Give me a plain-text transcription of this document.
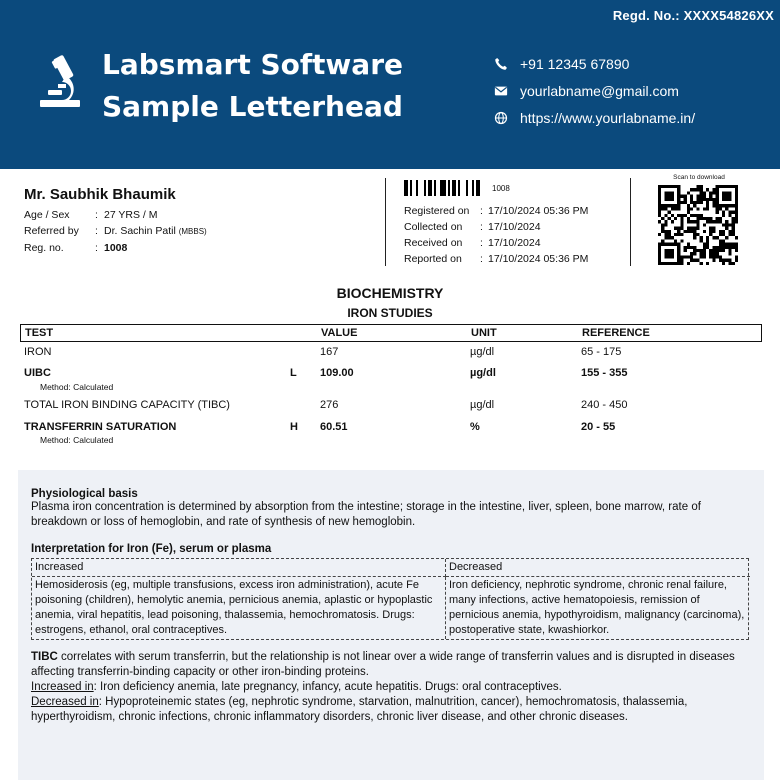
Regd. No.: XXXX54826XX
Labsmart Software
Sample Letterhead
+91 12345 67890
yourlabname@gmail.com
https://www.yourlabname.in/
Mr. Saubhik Bhaumik
Age / Sex	: 27 YRS / M
Referred by	: Dr. Sachin Patil (MBBS)
Reg. no.	: 1008
1008
Registered on	: 17/10/2024 05:36 PM
Collected on	: 17/10/2024
Received on	: 17/10/2024
Reported on	: 17/10/2024 05:36 PM
Scan to download
BIOCHEMISTRY
IRON STUDIES
TEST	VALUE	UNIT	REFERENCE
IRON	167	µg/dl	65 - 175
UIBC	L 109.00	µg/dl	155 - 355
Method: Calculated
TOTAL IRON BINDING CAPACITY (TIBC)	276	µg/dl	240 - 450
TRANSFERRIN SATURATION	H 60.51	%	20 - 55
Method: Calculated
Physiological basis
Plasma iron concentration is determined by absorption from the intestine; storage in the intestine, liver, spleen, bone marrow, rate of breakdown or loss of hemoglobin, and rate of synthesis of new hemoglobin.
Interpretation for Iron (Fe), serum or plasma
Increased	Decreased
Hemosiderosis (eg, multiple transfusions, excess iron administration), acute Fe poisoning (children), hemolytic anemia, pernicious anemia, aplastic or hypoplastic anemia, viral hepatitis, lead poisoning, thalassemia, hemochromatosis. Drugs: estrogens, ethanol, oral contraceptives.
Iron deficiency, nephrotic syndrome, chronic renal failure, many infections, active hematopoiesis, remission of pernicious anemia, hypothyroidism, malignancy (carcinoma), postoperative state, kwashiorkor.
TIBC correlates with serum transferrin, but the relationship is not linear over a wide range of transferrin values and is disrupted in diseases affecting transferrin-binding capacity or other iron-binding proteins.
Increased in: Iron deficiency anemia, late pregnancy, infancy, acute hepatitis. Drugs: oral contraceptives.
Decreased in: Hypoproteinemic states (eg, nephrotic syndrome, starvation, malnutrition, cancer), hemochromatosis, thalassemia, hyperthyroidism, chronic infections, chronic inflammatory disorders, chronic liver disease, and other chronic diseases.
